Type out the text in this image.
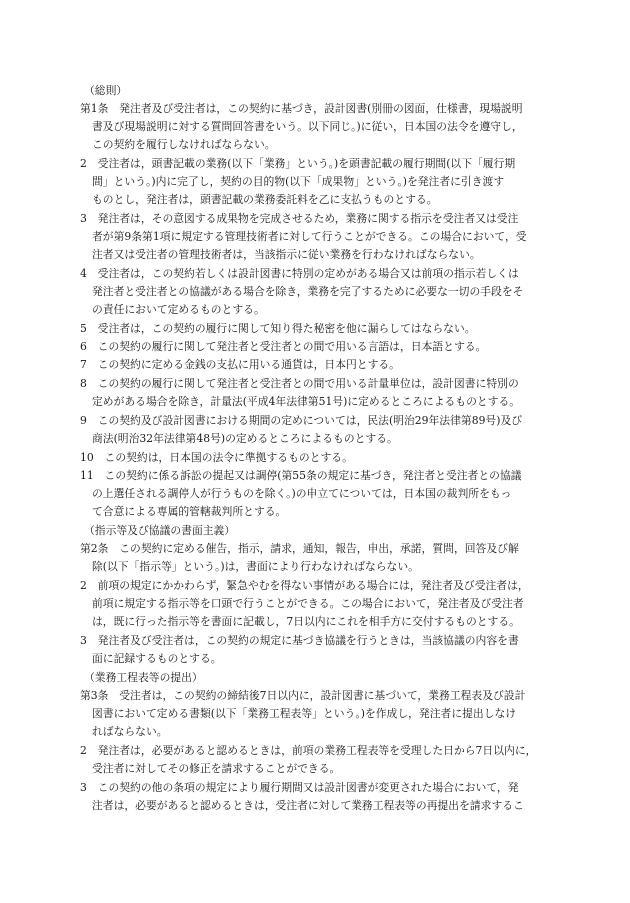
（総則）

第1条　発注者及び受注者は，この契約に基づき，設計図書(別冊の図面，仕様書，現場説明

書及び現場説明に対する質問回答書をいう。以下同じ。)に従い，日本国の法令を遵守し，

この契約を履行しなければならない。

2　受注者は，頭書記載の業務(以下「業務」という。)を頭書記載の履行期間(以下「履行期

間」という。)内に完了し，契約の目的物(以下「成果物」という。)を発注者に引き渡す

ものとし，発注者は，頭書記載の業務委託料を乙に支払うものとする。

3　発注者は，その意図する成果物を完成させるため，業務に関する指示を受注者又は受注

者が第9条第1項に規定する管理技術者に対して行うことができる。この場合において，受

注者又は受注者の管理技術者は，当該指示に従い業務を行わなければならない。

4　受注者は，この契約若しくは設計図書に特別の定めがある場合又は前項の指示若しくは

発注者と受注者との協議がある場合を除き，業務を完了するために必要な一切の手段をそ

の責任において定めるものとする。

5　受注者は，この契約の履行に関して知り得た秘密を他に漏らしてはならない。

6　この契約の履行に関して発注者と受注者との間で用いる言語は，日本語とする。

7　この契約に定める金銭の支払に用いる通貨は，日本円とする。

8　この契約の履行に関して発注者と受注者との間で用いる計量単位は，設計図書に特別の

定めがある場合を除き，計量法(平成4年法律第51号)に定めるところによるものとする。

9　この契約及び設計図書における期間の定めについては，民法(明治29年法律第89号)及び

商法(明治32年法律第48号)の定めるところによるものとする。

10　この契約は，日本国の法令に準拠するものとする。

11　この契約に係る訴訟の提起又は調停(第55条の規定に基づき，発注者と受注者との協議

の上選任される調停人が行うものを除く。)の申立てについては，日本国の裁判所をもっ

て合意による専属的管轄裁判所とする。

（指示等及び協議の書面主義）

第2条　この契約に定める催告，指示，請求，通知，報告，申出，承諾，質問，回答及び解

除(以下「指示等」という。)は，書面により行わなければならない。

2　前項の規定にかかわらず，緊急やむを得ない事情がある場合には，発注者及び受注者は，

前項に規定する指示等を口頭で行うことができる。この場合において，発注者及び受注者

は，既に行った指示等を書面に記載し，7日以内にこれを相手方に交付するものとする。

3　発注者及び受注者は，この契約の規定に基づき協議を行うときは，当該協議の内容を書

面に記録するものとする。

（業務工程表等の提出）

第3条　受注者は，この契約の締結後7日以内に，設計図書に基づいて，業務工程表及び設計

図書において定める書類(以下「業務工程表等」という。)を作成し，発注者に提出しなけ

ればならない。

2　発注者は，必要があると認めるときは，前項の業務工程表等を受理した日から7日以内に，

受注者に対してその修正を請求することができる。

3　この契約の他の条項の規定により履行期間又は設計図書が変更された場合において，発

注者は，必要があると認めるときは，受注者に対して業務工程表等の再提出を請求するこ
